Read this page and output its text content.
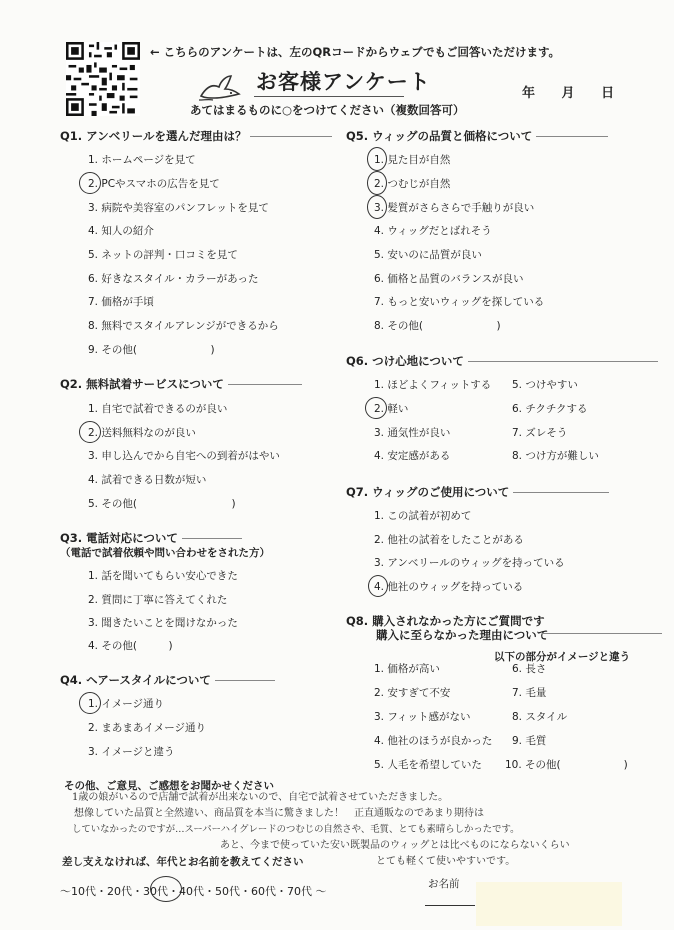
← こちらのアンケートは、左のQRコードからウェブでもご回答いただけます。
お客様アンケート
あてはまるものに○をつけてください（複数回答可）
年 月 日
Q1. アンベリールを選んだ理由は？
1. ホームページを見て
2. PCやスマホの広告を見て
3. 病院や美容室のパンフレットを見て
4. 知人の紹介
5. ネットの評判・口コミを見て
6. 好きなスタイル・カラーがあった
7. 価格が手頃
8. 無料でスタイルアレンジができるから
9. その他(　　　　　　　)
Q2. 無料試着サービスについて
1. 自宅で試着できるのが良い
2. 送料無料なのが良い
3. 申し込んでから自宅への到着がはやい
4. 試着できる日数が短い
5. その他(　　　　　　　　　)
Q3. 電話対応について
（電話で試着依頼や問い合わせをされた方）
1. 話を聞いてもらい安心できた
2. 質問に丁寧に答えてくれた
3. 聞きたいことを聞けなかった
4. その他(　　　)
Q4. ヘアースタイルについて
1. イメージ通り
2. まあまあイメージ通り
3. イメージと違う
Q5. ウィッグの品質と価格について
1. 見た目が自然
2. つむじが自然
3. 髪質がさらさらで手触りが良い
4. ウィッグだとばれそう
5. 安いのに品質が良い
6. 価格と品質のバランスが良い
7. もっと安いウィッグを探している
8. その他(　　　　　　　)
Q6. つけ心地について
1. ほどよくフィットする
2. 軽い
3. 通気性が良い
4. 安定感がある
5. つけやすい
6. チクチクする
7. ズレそう
8. つけ方が難しい
Q7. ウィッグのご使用について
1. この試着が初めて
2. 他社の試着をしたことがある
3. アンベリールのウィッグを持っている
4. 他社のウィッグを持っている
Q8. 購入されなかった方にご質問です
購入に至らなかった理由について
以下の部分がイメージと違う
1. 価格が高い
2. 安すぎて不安
3. フィット感がない
4. 他社のほうが良かった
5. 人毛を希望していた
6. 長さ
7. 毛量
8. スタイル
9. 毛質
10. その他(　　　　　　)
その他、ご意見、ご感想をお聞かせください
1歳の娘がいるので店舗で試着が出来ないので、自宅で試着させていただきました。
想像していた品質と全然違い、商品質を本当に驚きました！　正直通販なのであまり期待は
していなかったのですが…スーパーハイグレードのつむじの自然さや、毛質、とても素晴らしかったです。
あと、今まで使っていた安い既製品のウィッグとは比べものにならないくらい
とても軽くて使いやすいです。
差し支えなければ、年代とお名前を教えてください
～10代・20代・30代・40代・50代・60代・70代 ～
お名前
